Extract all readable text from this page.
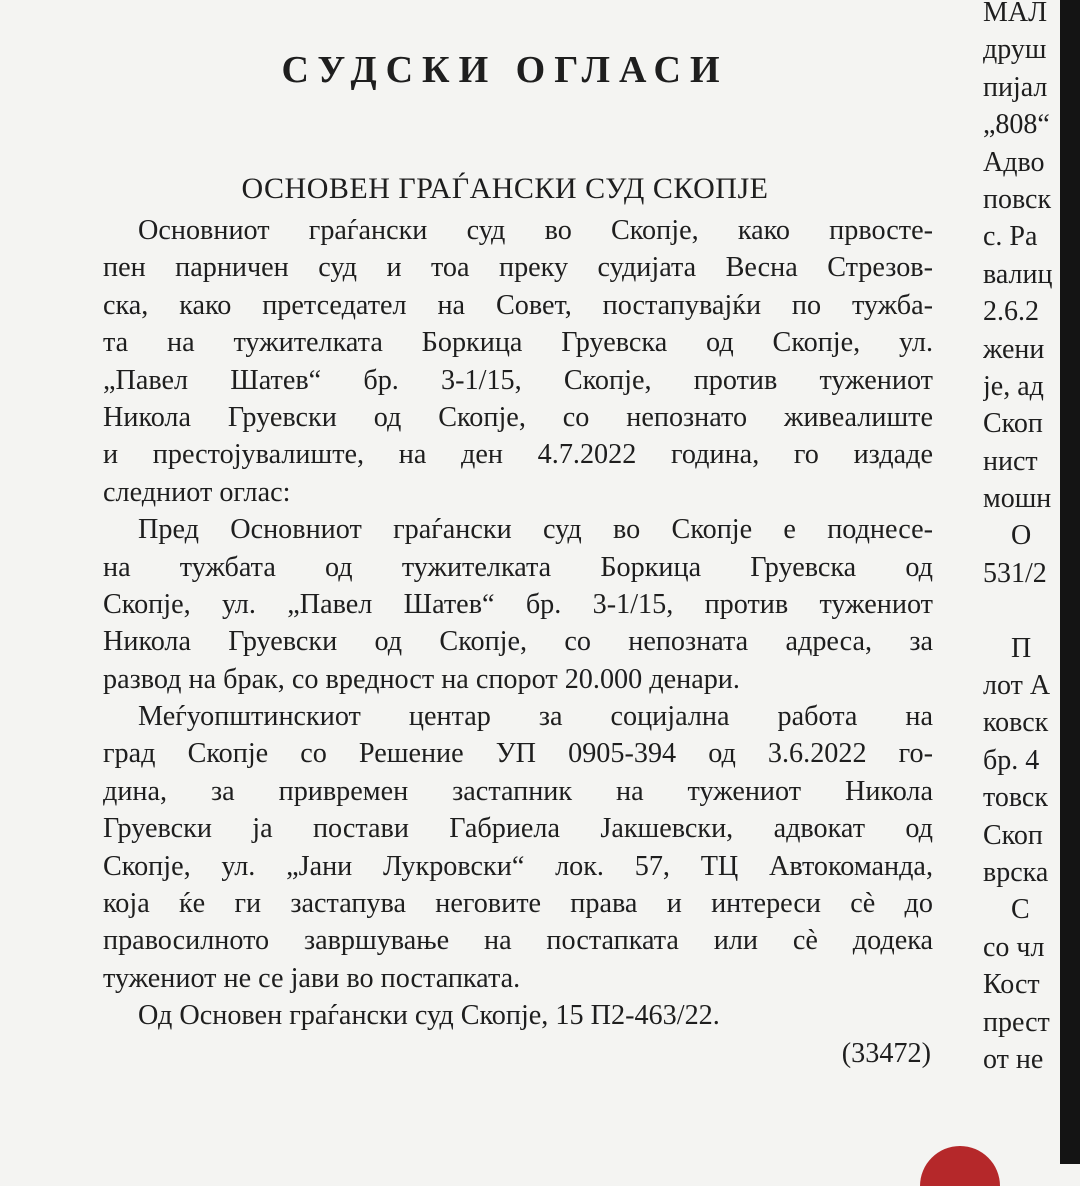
СУДСКИ ОГЛАСИ
ОСНОВЕН ГРАЃАНСКИ СУД СКОПЈЕ

Основниот граѓански суд во Скопје, како првосте-
пен парничен суд и тоа преку судијата Весна Стрезов-
ска, како претседател на Совет, постапувајќи по тужба-
та на тужителката Боркица Груевска од Скопје, ул.
„Павел Шатев“ бр. 3-1/15, Скопје, против тужениот
Никола Груевски од Скопје, со непознато живеалиште
и престојувалиште, на ден 4.7.2022 година, го издаде
следниот оглас:

Пред Основниот граѓански суд во Скопје е поднесе-
на тужбата од тужителката Боркица Груевска од
Скопје, ул. „Павел Шатев“ бр. 3-1/15, против тужениот
Никола Груевски од Скопје, со непозната адреса, за
развод на брак, со вредност на спорот 20.000 денари.

Меѓуопштинскиот центар за социјална работа на
град Скопје со Решение УП 0905-394 од 3.6.2022 го-
дина, за привремен застапник на тужениот Никола
Груевски ја постави Габриела Јакшевски, адвокат од
Скопје, ул. „Јани Лукровски“ лок. 57, ТЦ Автокоманда,
која ќе ги застапува неговите права и интереси сѐ до
правосилното завршување на постапката или сѐ додека
тужениот не се јави во постапката.

Од Основен граѓански суд Скопје, 15 П2-463/22.

(33472)
МАЛ
друш
пијал
„808“
Адво
повск
с. Ра
валиц
2.6.2
жени
је, ад
Скоп
нист
мошн
О
531/2
П
лот А
ковск
бр. 4
товск
Скоп
врска
С
со чл
Кост
прест
от не
